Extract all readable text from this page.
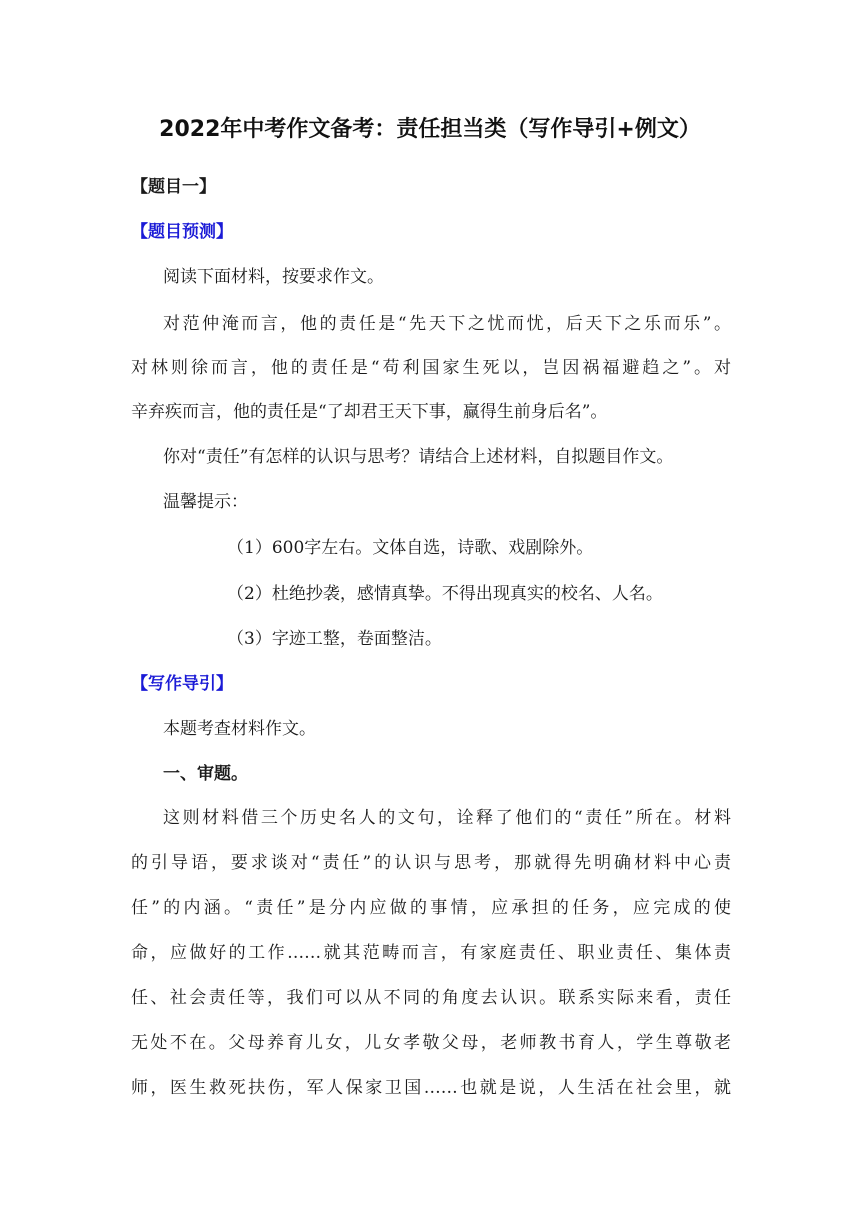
2022年中考作文备考：责任担当类（写作导引+例文）
【题目一】
【题目预测】
阅读下面材料，按要求作文。
对范仲淹而言，他的责任是“先天下之忧而忧，后天下之乐而乐”。
对林则徐而言，他的责任是“苟利国家生死以，岂因祸福避趋之”。对
辛弃疾而言，他的责任是“了却君王天下事，赢得生前身后名”。
你对“责任”有怎样的认识与思考？请结合上述材料，自拟题目作文。
温馨提示：
（1）600字左右。文体自选，诗歌、戏剧除外。
（2）杜绝抄袭，感情真挚。不得出现真实的校名、人名。
（3）字迹工整，卷面整洁。
【写作导引】
本题考查材料作文。
一、审题。
这则材料借三个历史名人的文句，诠释了他们的“责任”所在。材料
的引导语，要求谈对“责任”的认识与思考，那就得先明确材料中心责
任”的内涵。“责任”是分内应做的事情，应承担的任务，应完成的使
命，应做好的工作……就其范畴而言，有家庭责任、职业责任、集体责
任、社会责任等，我们可以从不同的角度去认识。联系实际来看，责任
无处不在。父母养育儿女，儿女孝敬父母，老师教书育人，学生尊敬老
师，医生救死扶伤，军人保家卫国……也就是说，人生活在社会里，就
